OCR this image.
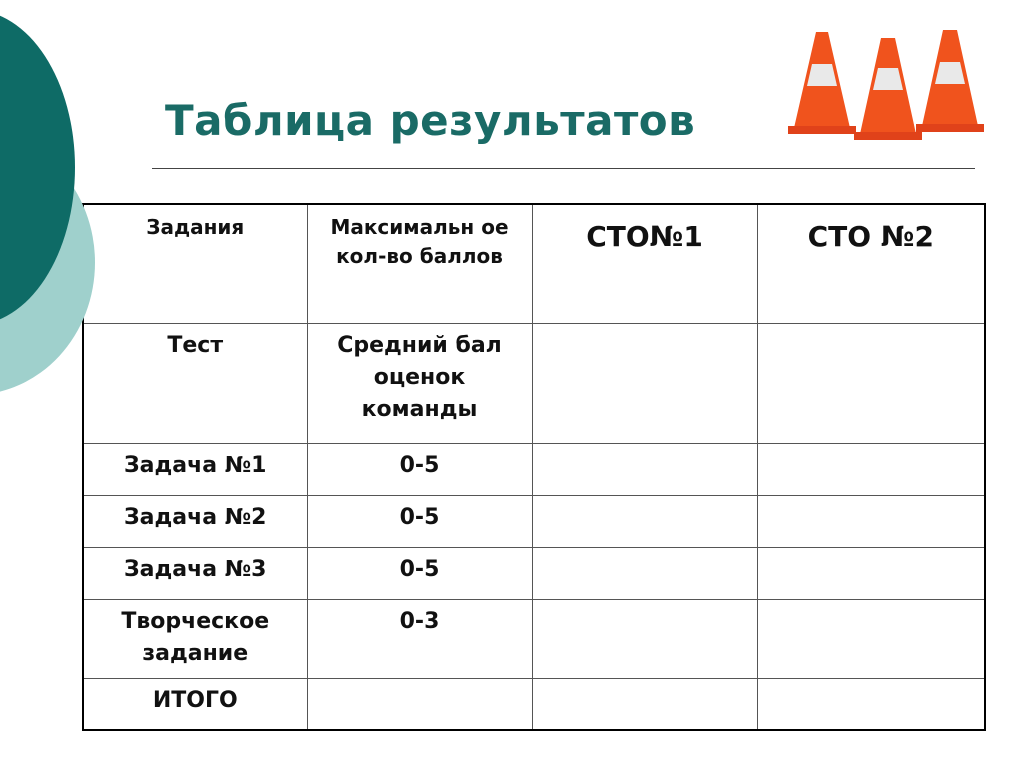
Таблица результатов
Задания	Максимальн ое кол-во баллов	СТО№1	СТО №2
Тест	Средний бал оценок команды		
Задача №1	0-5		
Задача №2	0-5		
Задача №3	0-5		
Творческое задание	0-3		
ИТОГО			
